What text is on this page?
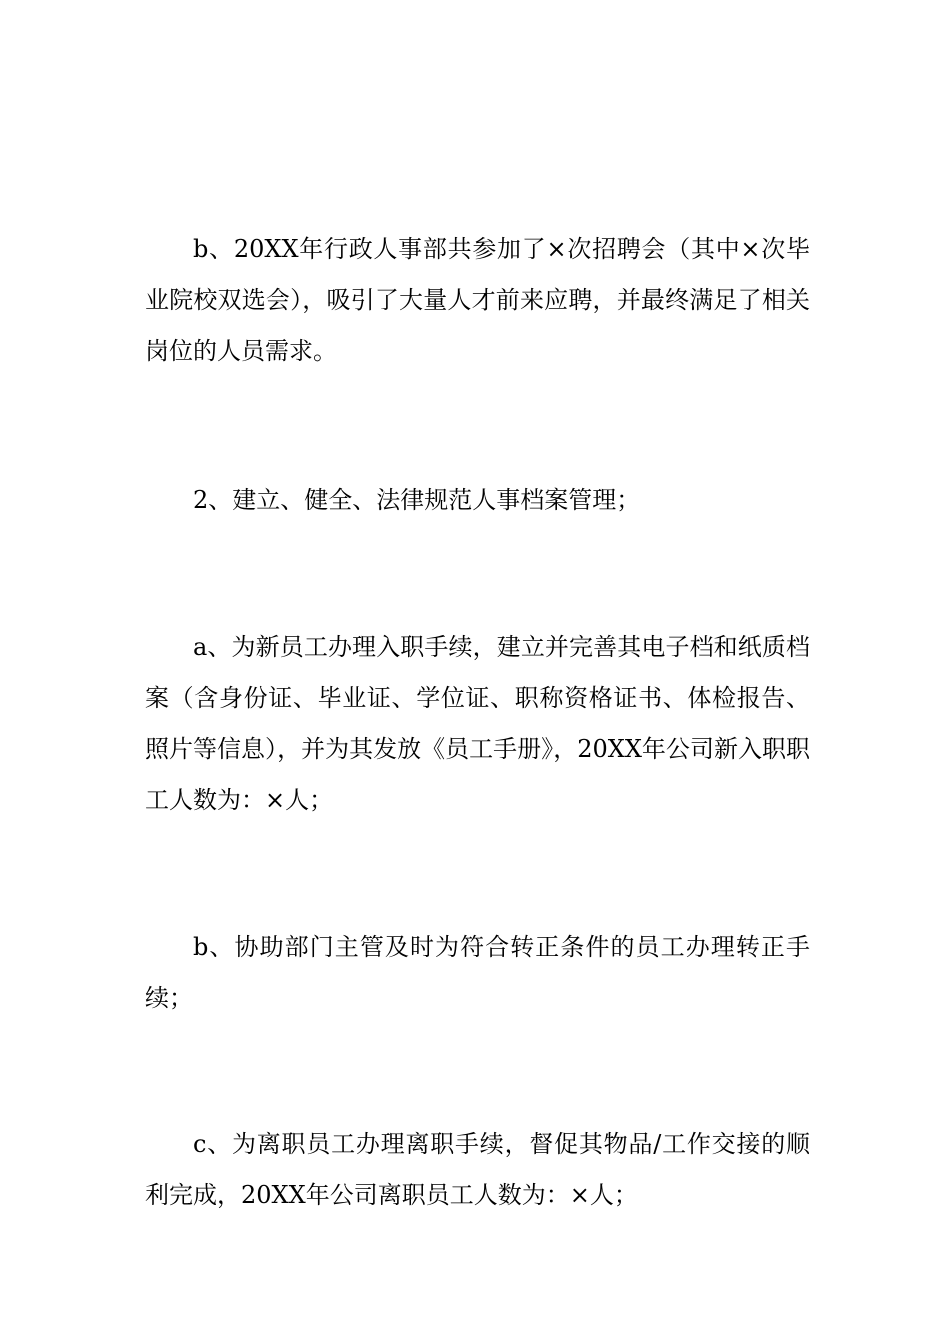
b、20XX年行政人事部共参加了×次招聘会（其中×次毕业院校双选会），吸引了大量人才前来应聘，并最终满足了相关岗位的人员需求。

2、建立、健全、法律规范人事档案管理；

a、为新员工办理入职手续，建立并完善其电子档和纸质档案（含身份证、毕业证、学位证、职称资格证书、体检报告、照片等信息），并为其发放《员工手册》，20XX年公司新入职职工人数为：×人；

b、协助部门主管及时为符合转正条件的员工办理转正手续；

c、为离职员工办理离职手续，督促其物品/工作交接的顺利完成，20XX年公司离职员工人数为：×人；
